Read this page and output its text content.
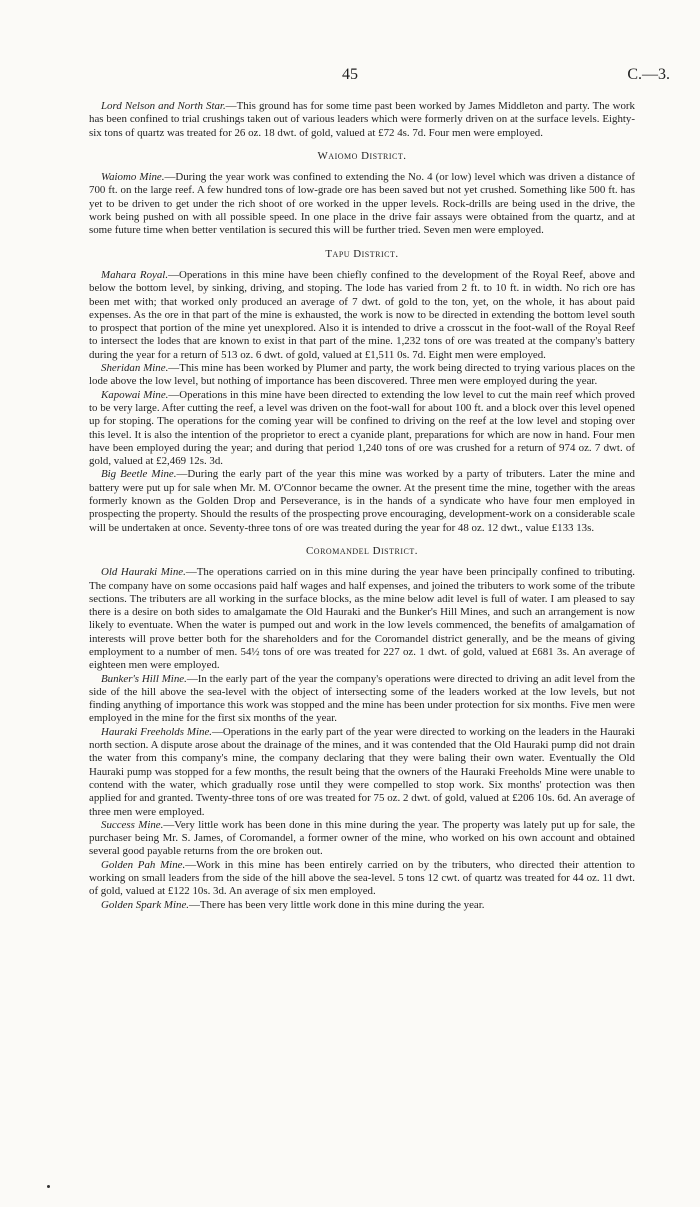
45	C.—3.

Lord Nelson and North Star.—This ground has for some time past been worked by James Middleton and party. The work has been confined to trial crushings taken out of various leaders which were formerly driven on at the surface levels. Eighty-six tons of quartz was treated for 26 oz. 18 dwt. of gold, valued at £72 4s. 7d. Four men were employed.

Waiomo District.

Waiomo Mine.—During the year work was confined to extending the No. 4 (or low) level which was driven a distance of 700 ft. on the large reef. A few hundred tons of low-grade ore has been saved but not yet crushed. Something like 500 ft. has yet to be driven to get under the rich shoot of ore worked in the upper levels. Rock-drills are being used in the drive, the work being pushed on with all possible speed. In one place in the drive fair assays were obtained from the quartz, and at some future time when better ventilation is secured this will be further tried. Seven men were employed.

Tapu District.

Mahara Royal.—Operations in this mine have been chiefly confined to the development of the Royal Reef, above and below the bottom level, by sinking, driving, and stoping. The lode has varied from 2 ft. to 10 ft. in width. No rich ore has been met with; that worked only produced an average of 7 dwt. of gold to the ton, yet, on the whole, it has about paid expenses. As the ore in that part of the mine is exhausted, the work is now to be directed in extending the bottom level south to prospect that portion of the mine yet unexplored. Also it is intended to drive a crosscut in the foot-wall of the Royal Reef to intersect the lodes that are known to exist in that part of the mine. 1,232 tons of ore was treated at the company's battery during the year for a return of 513 oz. 6 dwt. of gold, valued at £1,511 0s. 7d. Eight men were employed.

Sheridan Mine.—This mine has been worked by Plumer and party, the work being directed to trying various places on the lode above the low level, but nothing of importance has been discovered. Three men were employed during the year.

Kapowai Mine.—Operations in this mine have been directed to extending the low level to cut the main reef which proved to be very large. After cutting the reef, a level was driven on the foot-wall for about 100 ft. and a block over this level opened up for stoping. The operations for the coming year will be confined to driving on the reef at the low level and stoping over this level. It is also the intention of the proprietor to erect a cyanide plant, preparations for which are now in hand. Four men have been employed during the year; and during that period 1,240 tons of ore was crushed for a return of 974 oz. 7 dwt. of gold, valued at £2,469 12s. 3d.

Big Beetle Mine.—During the early part of the year this mine was worked by a party of tributers. Later the mine and battery were put up for sale when Mr. M. O'Connor became the owner. At the present time the mine, together with the areas formerly known as the Golden Drop and Perseverance, is in the hands of a syndicate who have four men employed in prospecting the property. Should the results of the prospecting prove encouraging, development-work on a considerable scale will be undertaken at once. Seventy-three tons of ore was treated during the year for 48 oz. 12 dwt., value £133 13s.

Coromandel District.

Old Hauraki Mine.—The operations carried on in this mine during the year have been principally confined to tributing. The company have on some occasions paid half wages and half expenses, and joined the tributers to work some of the tribute sections. The tributers are all working in the surface blocks, as the mine below adit level is full of water. I am pleased to say there is a desire on both sides to amalgamate the Old Hauraki and the Bunker's Hill Mines, and such an arrangement is now likely to eventuate. When the water is pumped out and work in the low levels commenced, the benefits of amalgamation of interests will prove better both for the shareholders and for the Coromandel district generally, and be the means of giving employment to a number of men. 54½ tons of ore was treated for 227 oz. 1 dwt. of gold, valued at £681 3s. An average of eighteen men were employed.

Bunker's Hill Mine.—In the early part of the year the company's operations were directed to driving an adit level from the side of the hill above the sea-level with the object of intersecting some of the leaders worked at the low levels, but not finding anything of importance this work was stopped and the mine has been under protection for six months. Five men were employed in the mine for the first six months of the year.

Hauraki Freeholds Mine.—Operations in the early part of the year were directed to working on the leaders in the Hauraki north section. A dispute arose about the drainage of the mines, and it was contended that the Old Hauraki pump did not drain the water from this company's mine, the company declaring that they were baling their own water. Eventually the Old Hauraki pump was stopped for a few months, the result being that the owners of the Hauraki Freeholds Mine were unable to contend with the water, which gradually rose until they were compelled to stop work. Six months' protection was then applied for and granted. Twenty-three tons of ore was treated for 75 oz. 2 dwt. of gold, valued at £206 10s. 6d. An average of three men were employed.

Success Mine.—Very little work has been done in this mine during the year. The property was lately put up for sale, the purchaser being Mr. S. James, of Coromandel, a former owner of the mine, who worked on his own account and obtained several good payable returns from the ore broken out.

Golden Pah Mine.—Work in this mine has been entirely carried on by the tributers, who directed their attention to working on small leaders from the side of the hill above the sea-level. 5 tons 12 cwt. of quartz was treated for 44 oz. 11 dwt. of gold, valued at £122 10s. 3d. An average of six men employed.

Golden Spark Mine.—There has been very little work done in this mine during the year.
